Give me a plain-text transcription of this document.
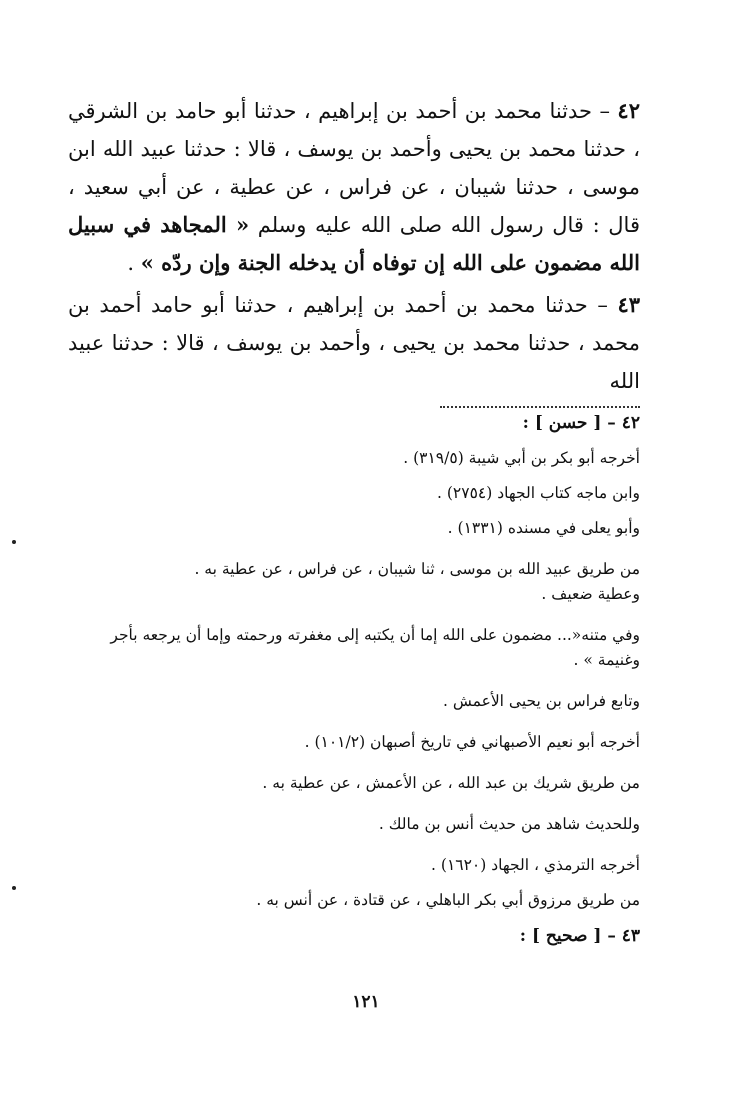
٤٢ – حدثنا محمد بن أحمد بن إبراهيم ، حدثنا أبو حامد بن الشرقي ، حدثنا محمد بن يحيى وأحمد بن يوسف ، قالا : حدثنا عبيد الله ابن موسى ، حدثنا شيبان ، عن فراس ، عن عطية ، عن أبي سعيد ، قال : قال رسول الله صلى الله عليه وسلم « المجاهد في سبيل الله مضمون على الله إن توفاه أن يدخله الجنة وإن ردّه » .

٤٣ – حدثنا محمد بن أحمد بن إبراهيم ، حدثنا أبو حامد أحمد بن محمد ، حدثنا محمد بن يحيى ، وأحمد بن يوسف ، قالا : حدثنا عبيد الله

٤٢ – [ حسن ] :
أخرجه أبو بكر بن أبي شيبة (٣١٩/٥) .
وابن ماجه كتاب الجهاد (٢٧٥٤) .
وأبو يعلى في مسنده (١٣٣١) .
من طريق عبيد الله بن موسى ، ثنا شيبان ، عن فراس ، عن عطية به .
وعطية ضعيف .
وفي متنه«... مضمون على الله إما أن يكتبه إلى مغفرته ورحمته وإما أن يرجعه بأجر وغنيمة » .
وتابع فراس بن يحيى الأعمش .
أخرجه أبو نعيم الأصبهاني في تاريخ أصبهان (١٠١/٢) .
من طريق شريك بن عبد الله ، عن الأعمش ، عن عطية به .
وللحديث شاهد من حديث أنس بن مالك .
أخرجه الترمذي ، الجهاد (١٦٢٠) .
من طريق مرزوق أبي بكر الباهلي ، عن قتادة ، عن أنس به .
٤٣ – [ صحيح ] :
١٢١
